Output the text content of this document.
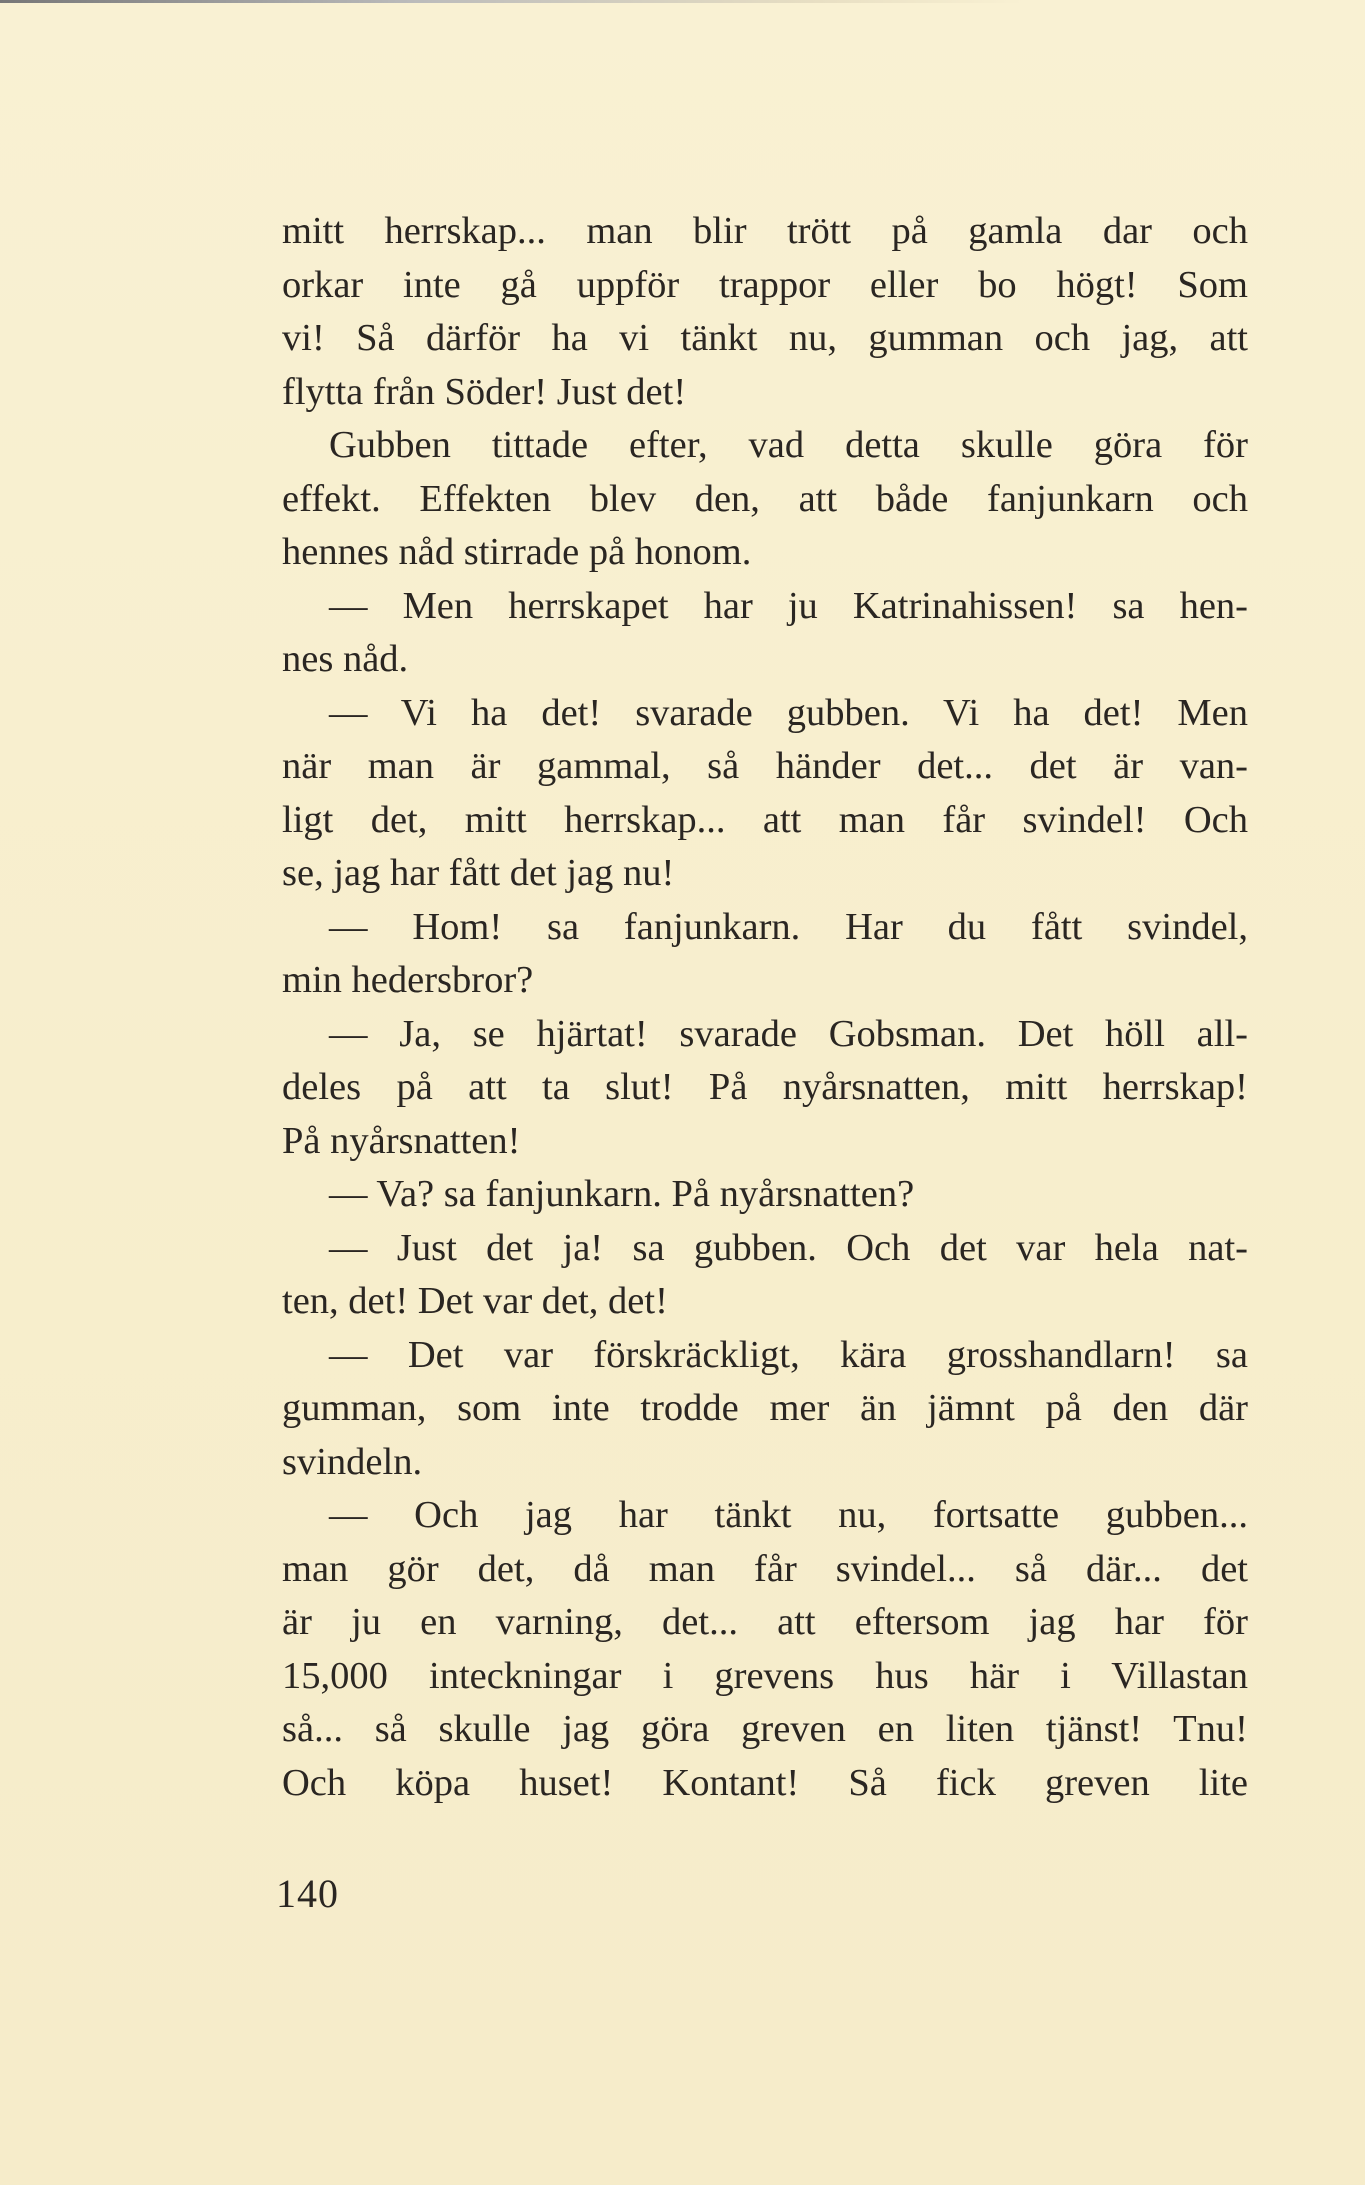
mitt herrskap... man blir trött på gamla dar och
orkar inte gå uppför trappor eller bo högt! Som
vi! Så därför ha vi tänkt nu, gumman och jag, att
flytta från Söder! Just det!
Gubben tittade efter, vad detta skulle göra för
effekt. Effekten blev den, att både fanjunkarn och
hennes nåd stirrade på honom.
— Men herrskapet har ju Katrinahissen! sa hen-
nes nåd.
— Vi ha det! svarade gubben. Vi ha det! Men
när man är gammal, så händer det... det är van-
ligt det, mitt herrskap... att man får svindel! Och
se, jag har fått det jag nu!
— Hom! sa fanjunkarn. Har du fått svindel,
min hedersbror?
— Ja, se hjärtat! svarade Gobsman. Det höll all-
deles på att ta slut! På nyårsnatten, mitt herrskap!
På nyårsnatten!
— Va? sa fanjunkarn. På nyårsnatten?
— Just det ja! sa gubben. Och det var hela nat-
ten, det! Det var det, det!
— Det var förskräckligt, kära grosshandlarn! sa
gumman, som inte trodde mer än jämnt på den där
svindeln.
— Och jag har tänkt nu, fortsatte gubben...
man gör det, då man får svindel... så där... det
är ju en varning, det... att eftersom jag har för
15,000 inteckningar i grevens hus här i Villastan
så... så skulle jag göra greven en liten tjänst! Tnu!
Och köpa huset! Kontant! Så fick greven lite
140
